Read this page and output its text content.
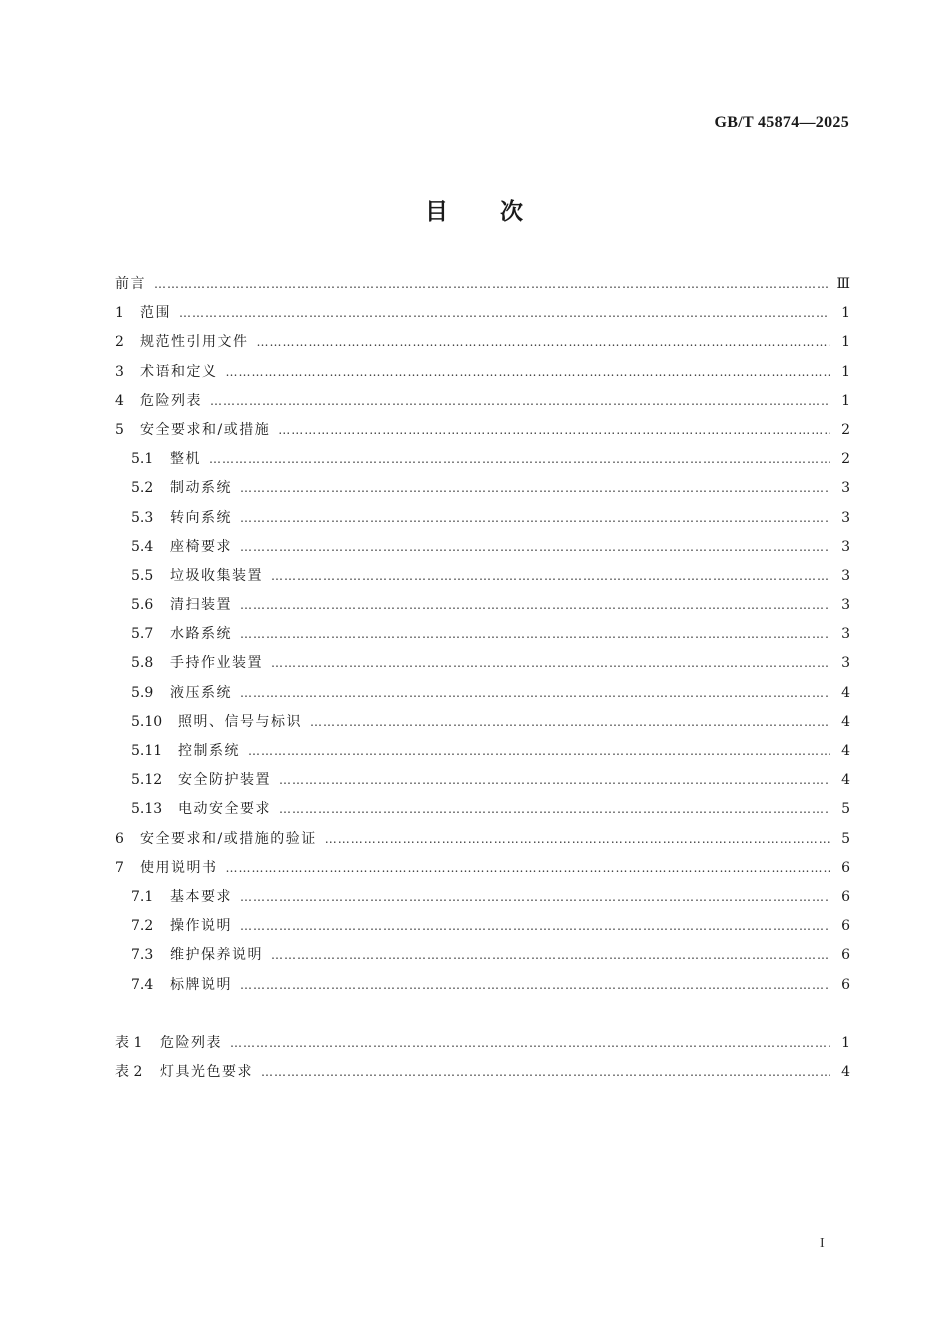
GB/T 45874—2025
目 次
前言 ………………………………………………………………………………………………………………………………………………………………………………………………………………	Ⅲ
1	范围 ………………………………………………………………………………………………………………………………………………………………………………………………………………	1
2	规范性引用文件 ………………………………………………………………………………………………………………………………………………………………………………………………………………	1
3	术语和定义 ………………………………………………………………………………………………………………………………………………………………………………………………………………	1
4	危险列表 ………………………………………………………………………………………………………………………………………………………………………………………………………………	1
5	安全要求和/或措施 ………………………………………………………………………………………………………………………………………………………………………………………………………………	2
5.1	整机 ………………………………………………………………………………………………………………………………………………………………………………………………………………	2
5.2	制动系统 ………………………………………………………………………………………………………………………………………………………………………………………………………………	3
5.3	转向系统 ………………………………………………………………………………………………………………………………………………………………………………………………………………	3
5.4	座椅要求 ………………………………………………………………………………………………………………………………………………………………………………………………………………	3
5.5	垃圾收集装置 ………………………………………………………………………………………………………………………………………………………………………………………………………………	3
5.6	清扫装置 ………………………………………………………………………………………………………………………………………………………………………………………………………………	3
5.7	水路系统 ………………………………………………………………………………………………………………………………………………………………………………………………………………	3
5.8	手持作业装置 ………………………………………………………………………………………………………………………………………………………………………………………………………………	3
5.9	液压系统 ………………………………………………………………………………………………………………………………………………………………………………………………………………	4
5.10	照明、信号与标识 ………………………………………………………………………………………………………………………………………………………………………………………………………………	4
5.11	控制系统 ………………………………………………………………………………………………………………………………………………………………………………………………………………	4
5.12	安全防护装置 ………………………………………………………………………………………………………………………………………………………………………………………………………………	4
5.13	电动安全要求 ………………………………………………………………………………………………………………………………………………………………………………………………………………	5
6	安全要求和/或措施的验证 ………………………………………………………………………………………………………………………………………………………………………………………………………………	5
7	使用说明书 ………………………………………………………………………………………………………………………………………………………………………………………………………………	6
7.1	基本要求 ………………………………………………………………………………………………………………………………………………………………………………………………………………	6
7.2	操作说明 ………………………………………………………………………………………………………………………………………………………………………………………………………………	6
7.3	维护保养说明 ………………………………………………………………………………………………………………………………………………………………………………………………………………	6
7.4	标牌说明 ………………………………………………………………………………………………………………………………………………………………………………………………………………	6
表 1	危险列表 ………………………………………………………………………………………………………………………………………………………………………………………………………………	1
表 2	灯具光色要求 ………………………………………………………………………………………………………………………………………………………………………………………………………………	4
I
